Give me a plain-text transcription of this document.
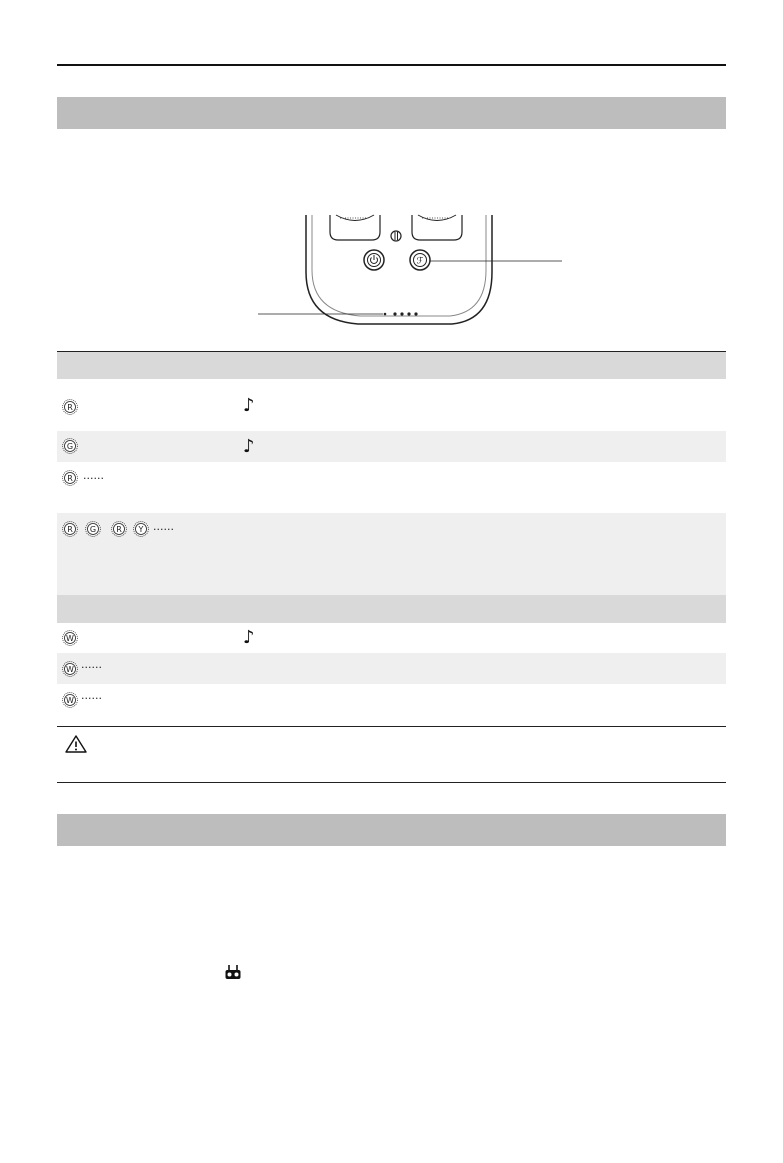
ℱ
R	♪
G	♪
R ······
R G	R Y ······
W	♪
W ······
W ······
